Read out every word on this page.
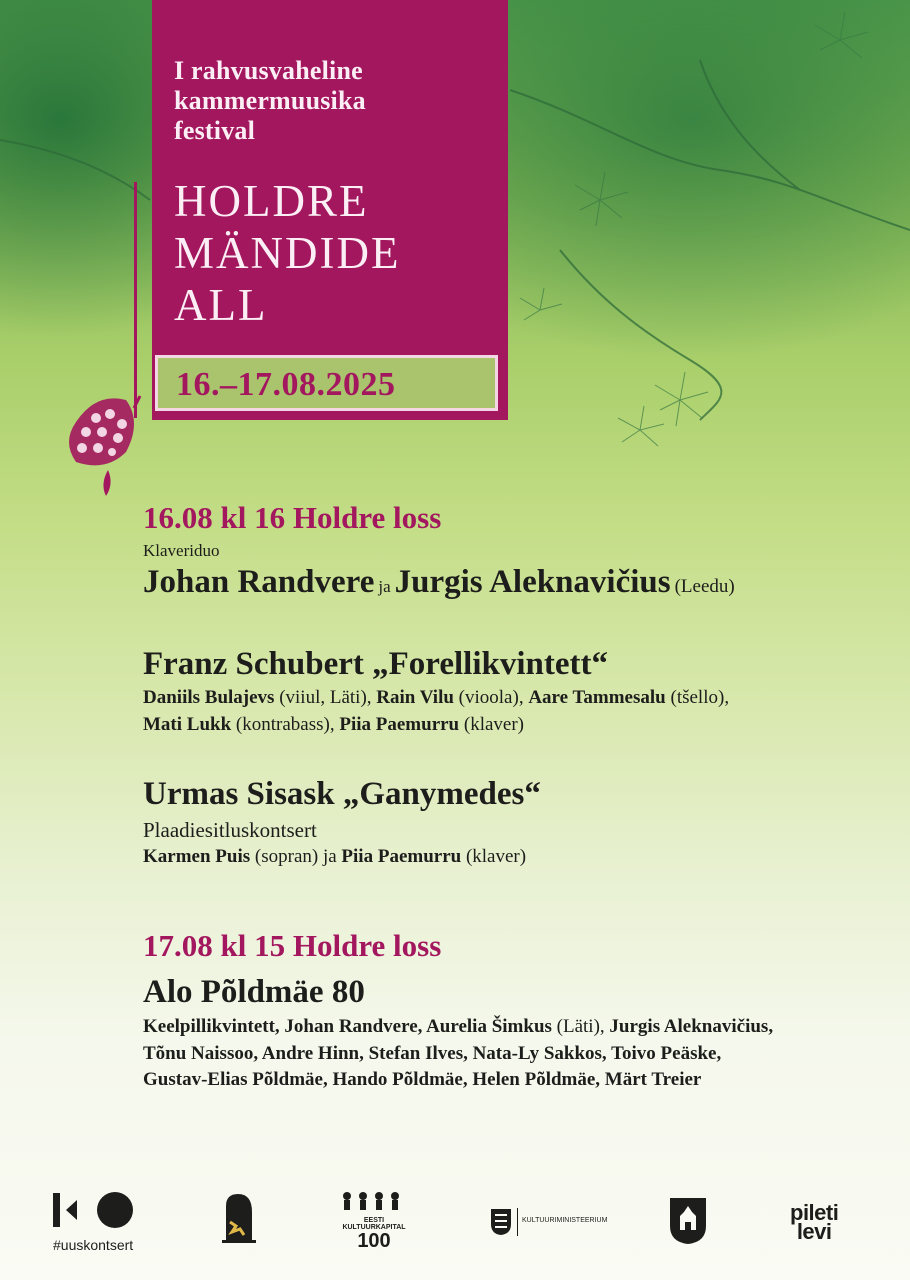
I rahvusvaheline
kammermuusika
festival
HOLDRE
MÄNDIDE
ALL
16.–17.08.2025
16.08 kl 16 Holdre loss
Klaveriduo
Johan Randvere ja Jurgis Aleknavičius (Leedu)
Franz Schubert „Forellikvintett“
Daniils Bulajevs (viiul, Läti), Rain Vilu (vioola), Aare Tammesalu (tšello),
Mati Lukk (kontrabass), Piia Paemurru (klaver)
Urmas Sisask „Ganymedes“
Plaadiesitluskontsert
Karmen Puis (sopran) ja Piia Paemurru (klaver)
17.08 kl 15 Holdre loss
Alo Põldmäe 80
Keelpillikvintett, Johan Randvere, Aurelia Šimkus (Läti), Jurgis Aleknavičius,
Tõnu Naissoo, Andre Hinn, Stefan Ilves, Nata-Ly Sakkos, Toivo Peäske,
Gustav-Elias Põldmäe, Hando Põldmäe, Helen Põldmäe, Märt Treier
#uuskontsert
EESTI KULTUURKAPITAL
100
KULTUURIMINISTEERIUM	pileti
levi
